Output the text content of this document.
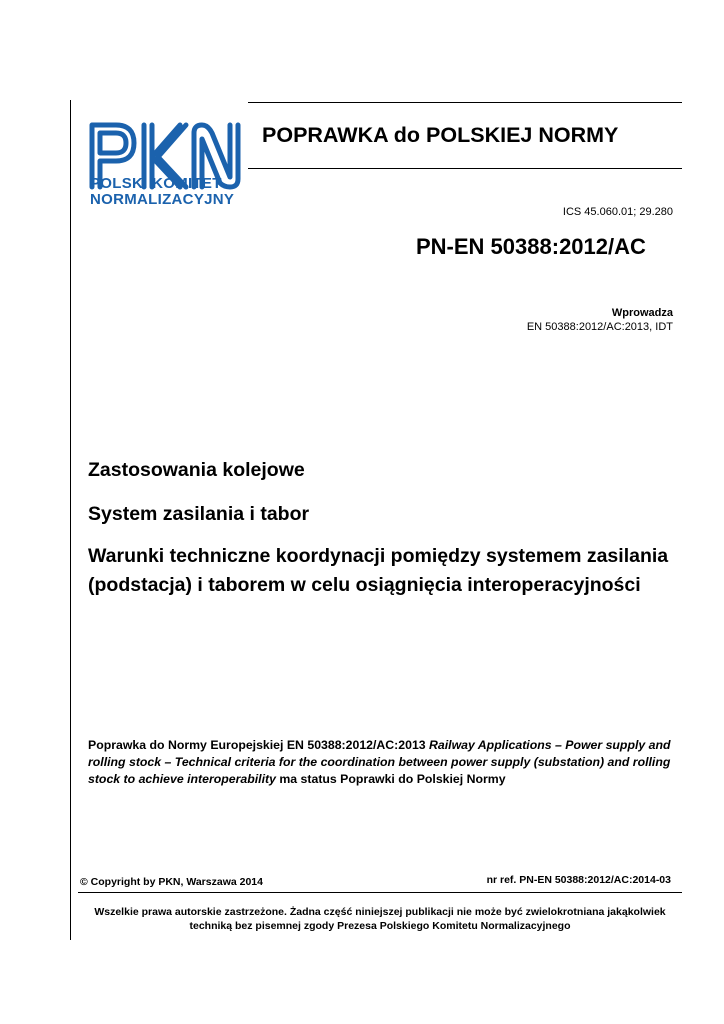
POLSKI KOMITET
NORMALIZACYJNY
POPRAWKA do POLSKIEJ NORMY
ICS 45.060.01; 29.280
PN-EN 50388:2012/AC
Wprowadza
EN 50388:2012/AC:2013, IDT
Zastosowania kolejowe
System zasilania i tabor
Warunki techniczne koordynacji pomiędzy systemem zasilania (podstacja) i taborem w celu osiągnięcia interoperacyjności
Poprawka do Normy Europejskiej EN 50388:2012/AC:2013 Railway Applications – Power supply and rolling stock – Technical criteria for the coordination between power supply (substation) and rolling stock to achieve interoperability ma status Poprawki do Polskiej Normy
© Copyright by PKN, Warszawa 2014	nr ref. PN-EN 50388:2012/AC:2014-03
Wszelkie prawa autorskie zastrzeżone. Żadna część niniejszej publikacji nie może być zwielokrotniana jakąkolwiek techniką bez pisemnej zgody Prezesa Polskiego Komitetu Normalizacyjnego
